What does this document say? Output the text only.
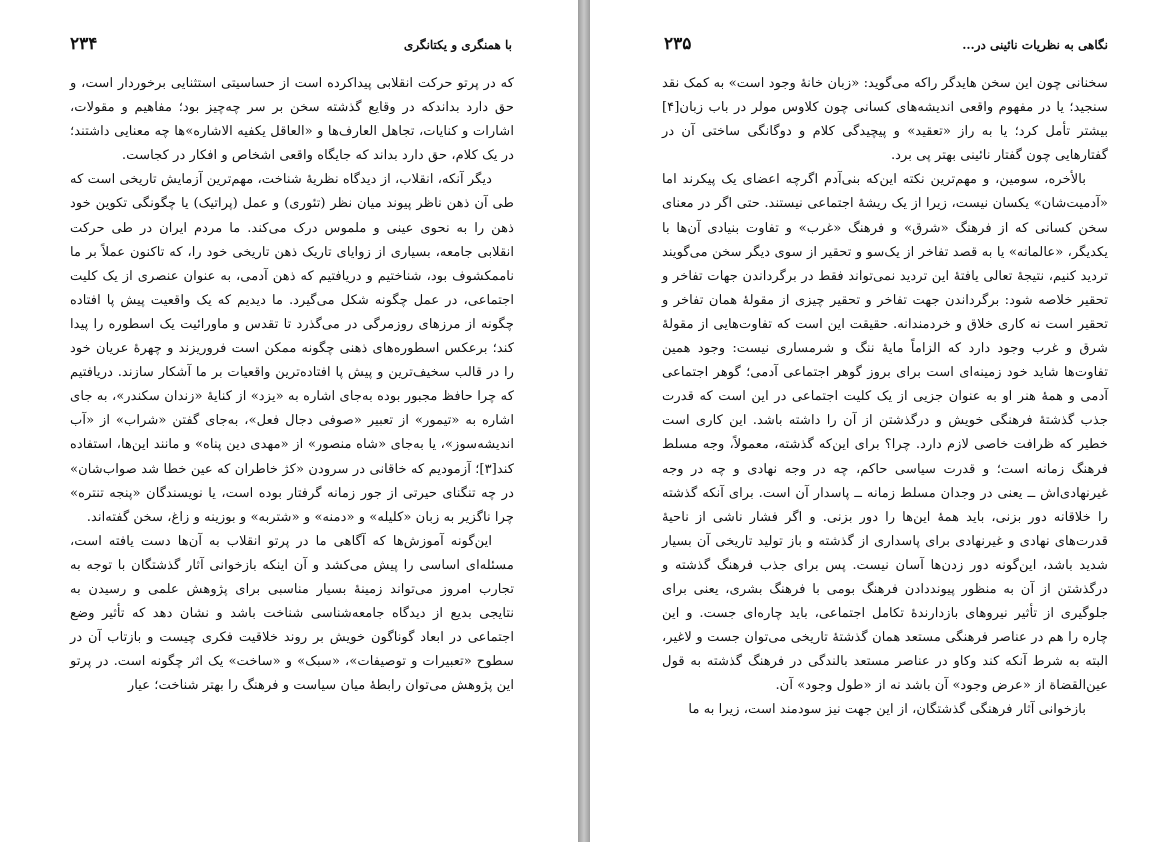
با همنگری و یکتانگری
۲۳۴

که در پرتو حرکت انقلابی پیداکرده است از حساسیتی استثنایی برخوردار است، و حق دارد بداندکه در وقایع گذشته سخن بر سر چه‌چیز بود؛ مفاهیم و مقولات، اشارات و کنایات، تجاهل العارف‌ها و «العاقل یکفیه الاشاره»ها چه معنایی داشتند؛ در یک کلام، حق دارد بداند که جایگاه واقعی اشخاص و افکار در کجاست.

دیگر آنکه، انقلاب، از دیدگاه نظریهٔ شناخت، مهم‌ترین آزمایش تاریخی است که طی آن ذهن ناظر پیوند میان نظر (تئوری) و عمل (پراتیک) یا چگونگی تکوین خود ذهن را به نحوی عینی و ملموس درک می‌کند. ما مردم ایران در طی حرکت انقلابی جامعه، بسیاری از زوایای تاریک ذهن تاریخی خود را، که تاکنون عملاً بر ما ناممکشوف بود، شناختیم و دریافتیم که ذهن آدمی، به عنوان عنصری از یک کلیت اجتماعی، در عمل چگونه شکل می‌گیرد. ما دیدیم که یک واقعیت پیش پا افتاده چگونه از مرزهای روزمرگی در می‌گذرد تا تقدس و ماورائیت یک اسطوره را پیدا کند؛ برعکس اسطوره‌های ذهنی چگونه ممکن است فروریزند و چهرهٔ عریان خود را در قالب سخیف‌ترین و پیش پا افتاده‌ترین واقعیات بر ما آشکار سازند. دریافتیم که چرا حافظ مجبور بوده به‌جای اشاره به «یزد» از کنایهٔ «زندان سکندر»، به جای اشاره به «تیمور» از تعبیر «صوفی دجال فعل»، به‌جای گفتن «شراب» از «آب اندیشه‌سوز»، یا به‌جای «شاه منصور» از «مهدی دین پناه» و مانند این‌ها، استفاده کند[۳]؛ آزمودیم که خاقانی در سرودن «کژ خاطران که عین خطا شد صواب‌شان» در چه تنگنای حیرتی از جور زمانه گرفتار بوده است، یا نویسندگان «پنجه تنتره» چرا ناگزیر به زبان «کلیله» و «دمنه» و «شتربه» و بوزینه و زاغ، سخن گفته‌اند.

این‌گونه آموزش‌ها که آگاهی ما در پرتو انقلاب به آن‌ها دست یافته است، مسئله‌ای اساسی را پیش می‌کشد و آن اینکه بازخوانی آثار گذشتگان با توجه به تجارب امروز می‌تواند زمینهٔ بسیار مناسبی برای پژوهش علمی و رسیدن به نتایجی بدیع از دیدگاه جامعه‌شناسی شناخت باشد و نشان دهد که تأثیر وضع اجتماعی در ابعاد گوناگون خویش بر روند خلاقیت فکری چیست و بازتاب آن در سطوح «تعبیرات و توصیفات»، «سبک» و «ساخت» یک اثر چگونه است. در پرتو این پژوهش می‌توان رابطهٔ میان سیاست و فرهنگ را بهتر شناخت؛ عیار

نگاهی به نظریات نائینی در...
۲۳۵

سخنانی چون این سخن هایدگر راکه می‌گوید: «زبان خانهٔ وجود است» به کمک نقد سنجید؛ یا در مفهوم واقعی اندیشه‌های کسانی چون کلاوس مولر در باب زبان[۴] بیشتر تأمل کرد؛ یا به راز «تعقید» و پیچیدگی کلام و دوگانگی ساختی آن در گفتارهایی چون گفتار نائینی بهتر پی برد.

بالأخره، سومین، و مهم‌ترین نکته این‌که بنی‌آدم اگرچه اعضای یک پیکرند اما «آدمیت‌شان» یکسان نیست، زیرا از یک ریشهٔ اجتماعی نیستند. حتی اگر در معنای سخن کسانی که از فرهنگ «شرق» و فرهنگ «غرب» و تفاوت بنیادی آن‌ها با یکدیگر، «عالمانه» یا به قصد تفاخر از یک‌سو و تحقیر از سوی دیگر سخن می‌گویند تردید کنیم، نتیجهٔ تعالی یافتهٔ این تردید نمی‌تواند فقط در برگرداندن جهات تفاخر و تحقیر خلاصه شود: برگرداندن جهت تفاخر و تحقیر چیزی از مقولهٔ همان تفاخر و تحقیر است نه کاری خلاق و خردمندانه. حقیقت این است که تفاوت‌هایی از مقولهٔ شرق و غرب وجود دارد که الزاماً مایهٔ ننگ و شرمساری نیست: وجود همین تفاوت‌ها شاید خود زمینه‌ای است برای بروز گوهر اجتماعی آدمی؛ گوهر اجتماعی آدمی و همهٔ هنر او به عنوان جزیی از یک کلیت اجتماعی در این است که قدرت جذب گذشتهٔ فرهنگی خویش و درگذشتن از آن را داشته باشد. این کاری است خطیر که ظرافت خاصی لازم دارد. چرا؟ برای این‌که گذشته، معمولاً، وجه مسلط فرهنگ زمانه است؛ و قدرت سیاسی حاکم، چه در وجه نهادی و چه در وجه غیرنهادی‌اش ــ یعنی در وجدان مسلط زمانه ــ پاسدار آن است. برای آنکه گذشته را خلاقانه دور بزنی، باید همهٔ این‌ها را دور بزنی. و اگر فشار ناشی از ناحیهٔ قدرت‌های نهادی و غیرنهادی برای پاسداری از گذشته و باز تولید تاریخی آن بسیار شدید باشد، این‌گونه دور زدن‌ها آسان نیست. پس برای جذب فرهنگ گذشته و درگذشتن از آن به منظور پیونددادن فرهنگ بومی با فرهنگ بشری، یعنی برای جلوگیری از تأثیر نیروهای بازدارندهٔ تکامل اجتماعی، باید چاره‌ای جست. و این چاره را هم در عناصر فرهنگی مستعد همان گذشتهٔ تاریخی می‌توان جست و لاغیر، البته به شرط آنکه کند وکاو در عناصر مستعد بالندگی در فرهنگ گذشته به قول عین‌القضاة از «عرض وجود» آن باشد نه از «طول وجود» آن.

بازخوانی آثار فرهنگی گذشتگان، از این جهت نیز سودمند است، زیرا به ما
